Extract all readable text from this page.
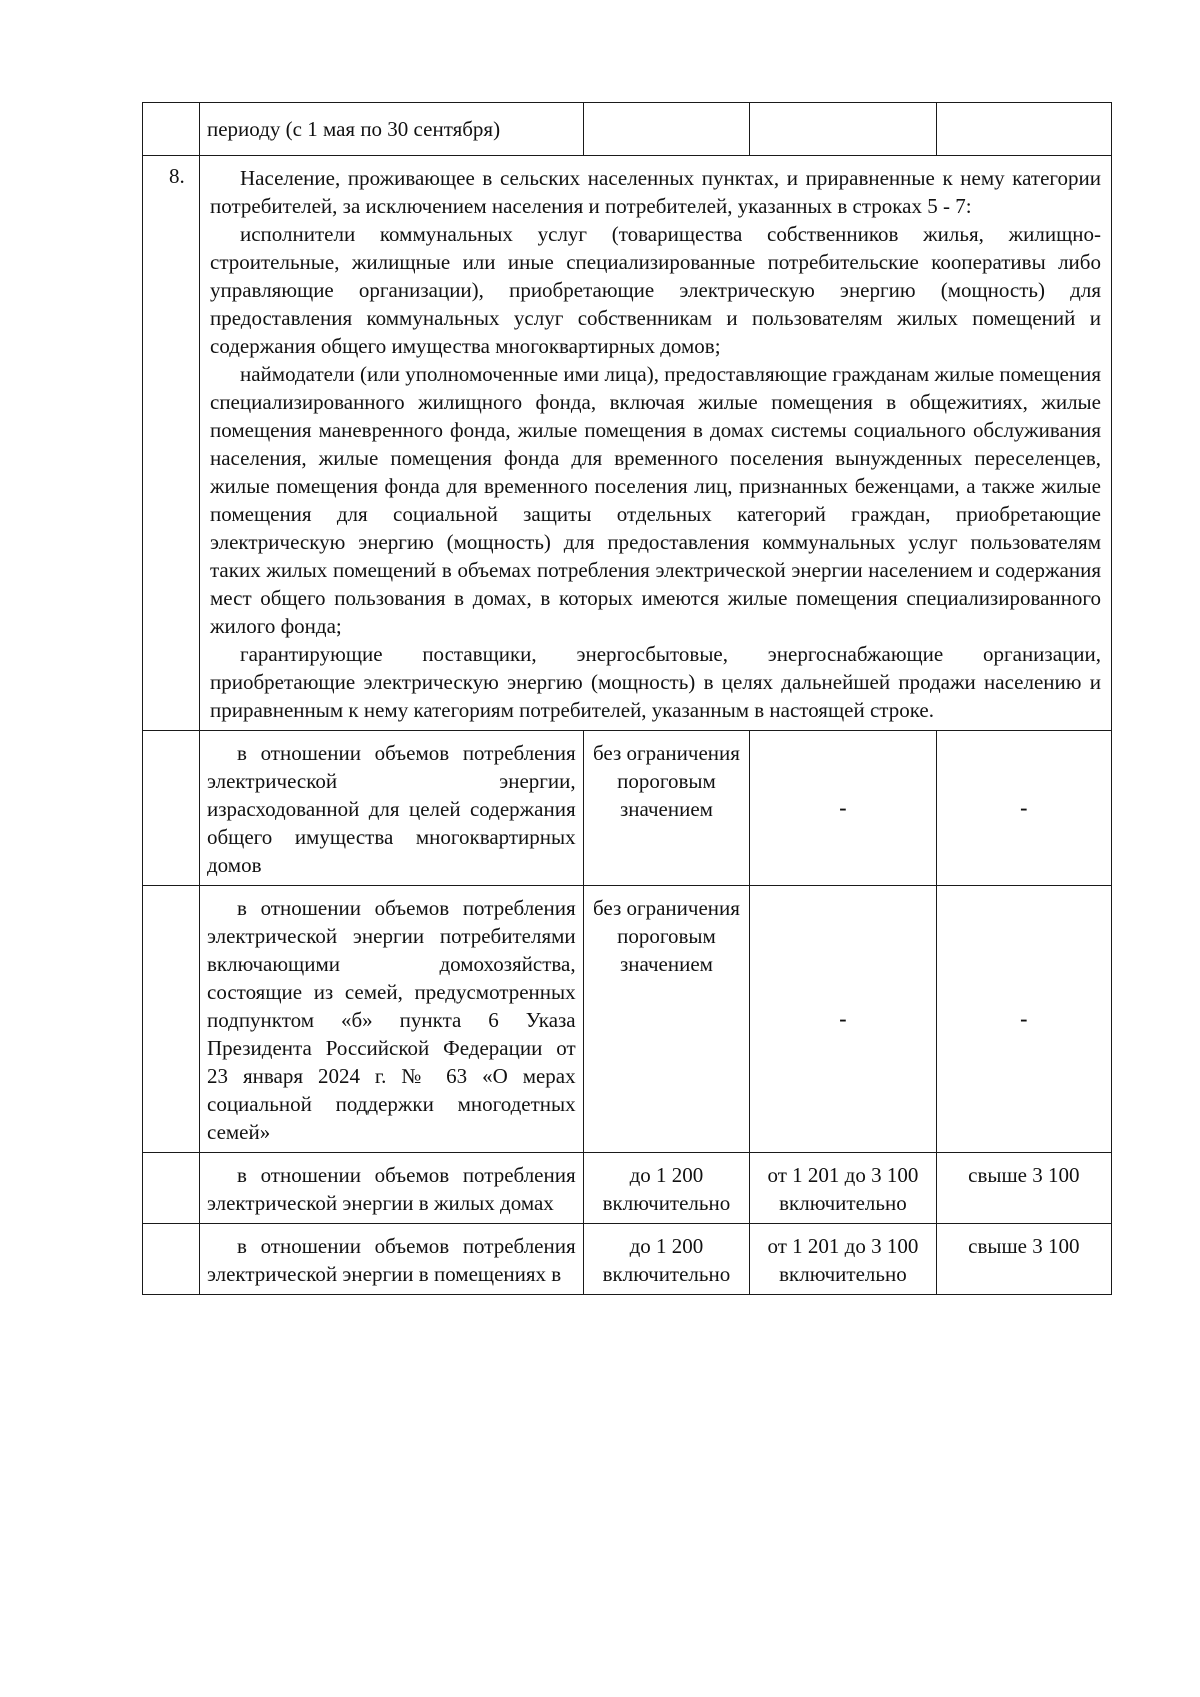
	периоду (с 1 мая по 30 сентября)			
8.	Население, проживающее в сельских населенных пунктах, и приравненные к нему категории потребителей, за исключением населения и потребителей, указанных в строках 5 - 7:

исполнители коммунальных услуг (товарищества собственников жилья, жилищно-строительные, жилищные или иные специализированные потребительские кооперативы либо управляющие организации), приобретающие электрическую энергию (мощность) для предоставления коммунальных услуг собственникам и пользователям жилых помещений и содержания общего имущества многоквартирных домов;

наймодатели (или уполномоченные ими лица), предоставляющие гражданам жилые помещения специализированного жилищного фонда, включая жилые помещения в общежитиях, жилые помещения маневренного фонда, жилые помещения в домах системы социального обслуживания населения, жилые помещения фонда для временного поселения вынужденных переселенцев, жилые помещения фонда для временного поселения лиц, признанных беженцами, а также жилые помещения для социальной защиты отдельных категорий граждан, приобретающие электрическую энергию (мощность) для предоставления коммунальных услуг пользователям таких жилых помещений в объемах потребления электрической энергии населением и содержания мест общего пользования в домах, в которых имеются жилые помещения специализированного жилого фонда;

гарантирующие поставщики, энергосбытовые, энергоснабжающие организации, приобретающие электрическую энергию (мощность) в целях дальнейшей продажи населению и приравненным к нему категориям потребителей, указанным в настоящей строке.			

	в отношении объемов потребления электрической энергии, израсходованной для целей содержания общего имущества многоквартирных домов	без ограничения пороговым значением	-	-
	в отношении объемов потребления электрической энергии потребителями включающими домохозяйства, состоящие из семей, предусмотренных подпунктом «б» пункта 6 Указа Президента Российской Федерации от 23 января 2024 г. № 63 «О мерах социальной поддержки многодетных семей»	без ограничения пороговым значением	-	-
	в отношении объемов потребления электрической энергии в жилых домах	до 1 200 включительно	от 1 201 до 3 100 включительно	свыше 3 100
	в отношении объемов потребления электрической энергии в помещениях в	до 1 200 включительно	от 1 201 до 3 100 включительно	свыше 3 100
